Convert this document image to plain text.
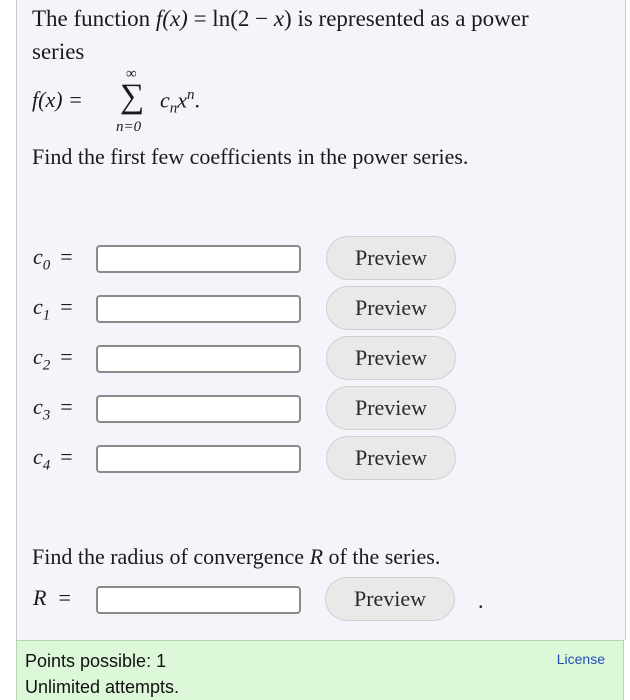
The function f(x) = ln(2 − x) is represented as a power
series
f(x) =
∞
∑
n=0
$c_nx^n$.
Find the first few coefficients in the power series.
$c_0$ =	Preview
$c_1$ =	Preview
$c_2$ =	Preview
$c_3$ =	Preview
$c_4$ =	Preview
Find the radius of convergence R of the series.
R =	Preview	.
Points possible: 1
Unlimited attempts.
License
